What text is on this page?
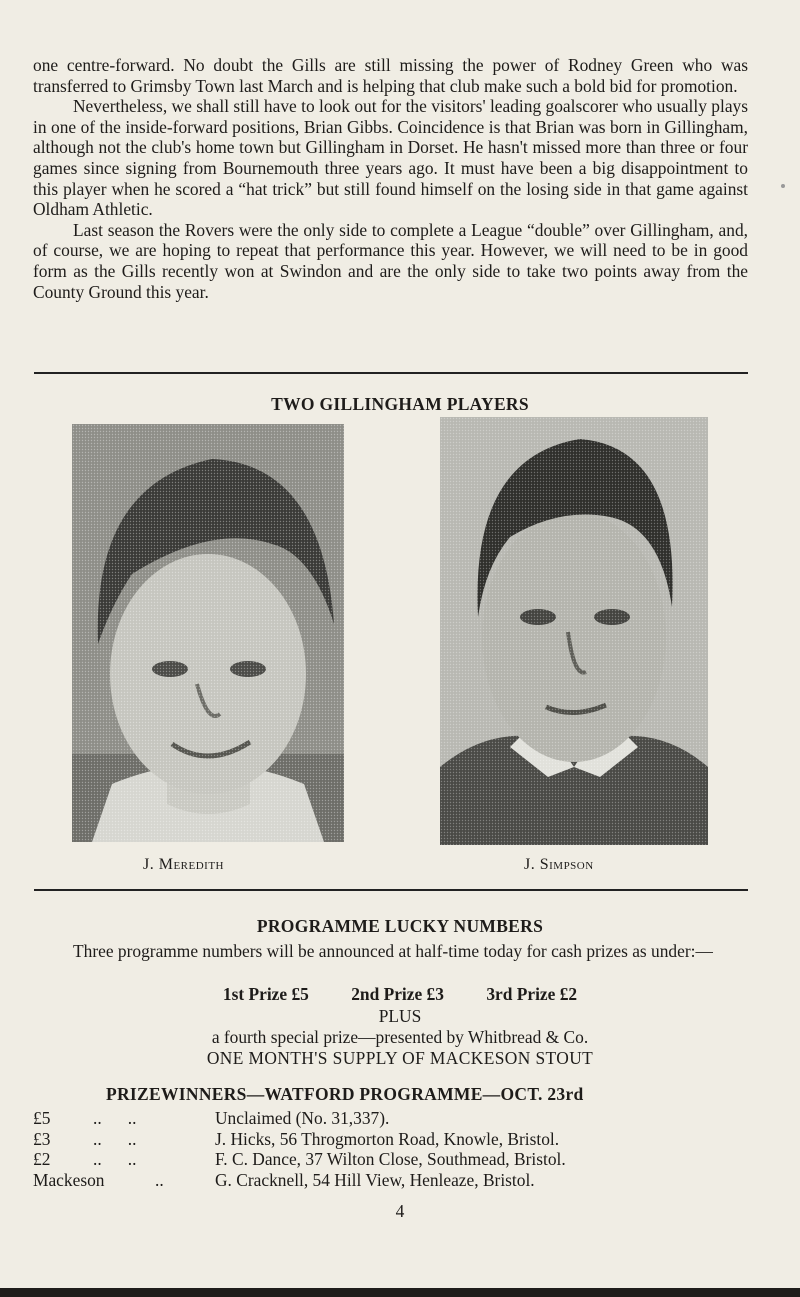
one centre-forward. No doubt the Gills are still missing the power of Rodney Green who was transferred to Grimsby Town last March and is helping that club make such a bold bid for promotion.

Nevertheless, we shall still have to look out for the visitors' leading goalscorer who usually plays in one of the inside-forward positions, Brian Gibbs. Coincidence is that Brian was born in Gillingham, although not the club's home town but Gillingham in Dorset. He hasn't missed more than three or four games since signing from Bournemouth three years ago. It must have been a big disappointment to this player when he scored a “hat trick” but still found himself on the losing side in that game against Oldham Athletic.

Last season the Rovers were the only side to complete a League “double” over Gillingham, and, of course, we are hoping to repeat that performance this year. However, we will need to be in good form as the Gills recently won at Swindon and are the only side to take two points away from the County Ground this year.

TWO GILLINGHAM PLAYERS
J. Meredith	J. Simpson
PROGRAMME LUCKY NUMBERS
Three programme numbers will be announced at half-time today for cash prizes as under:—
1st Prize £5 2nd Prize £3 3rd Prize £2
PLUS
a fourth special prize—presented by Whitbread & Co.
ONE MONTH'S SUPPLY OF MACKESON STOUT
PRIZEWINNERS—WATFORD PROGRAMME—OCT. 23rd
£5	..      ..	Unclaimed (No. 31,337).
£3	..      ..	J. Hicks, 56 Throgmorton Road, Knowle, Bristol.
£2	..      ..	F. C. Dance, 37 Wilton Close, Southmead, Bristol.
Mackeson	..	G. Cracknell, 54 Hill View, Henleaze, Bristol.
4
